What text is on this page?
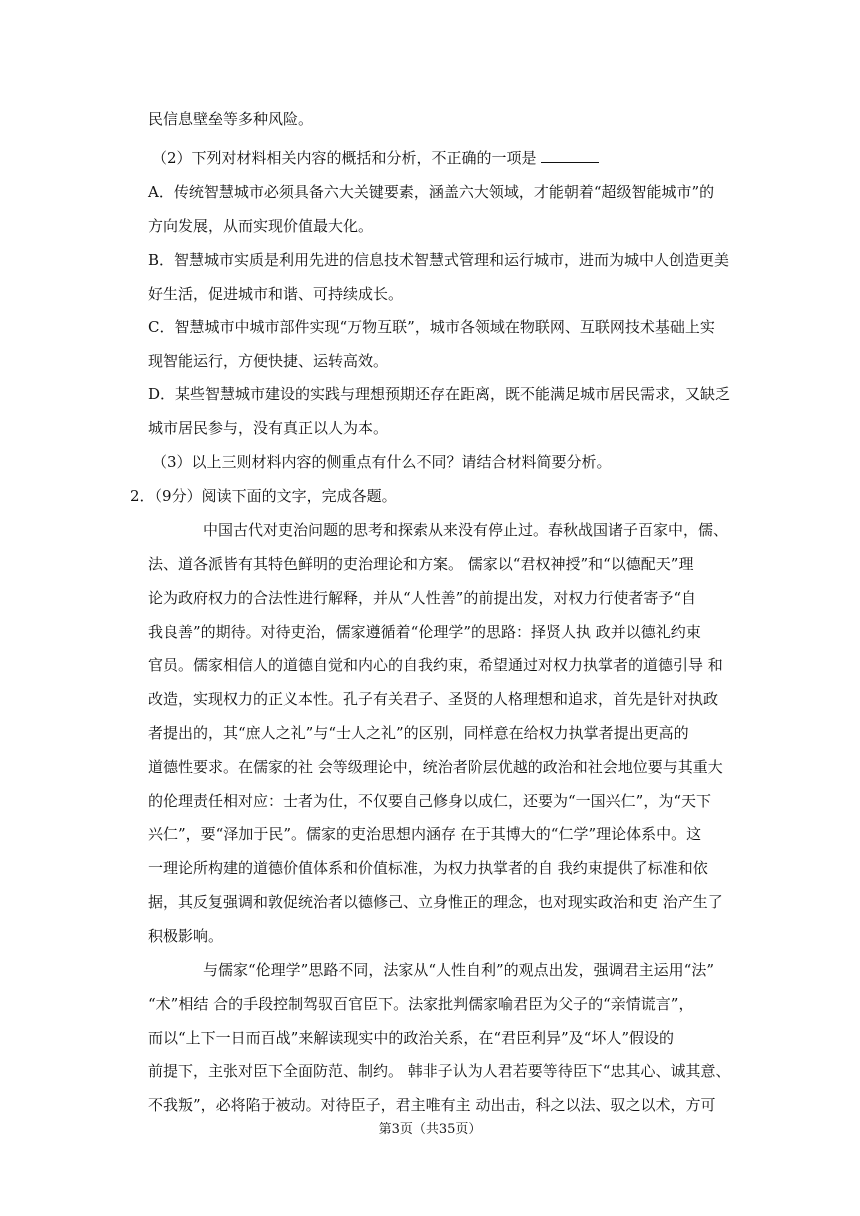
民信息壁垒等多种风险。
（2）下列对材料相关内容的概括和分析，不正确的一项是
A．传统智慧城市必须具备六大关键要素，涵盖六大领域，才能朝着“超级智能城市”的
方向发展，从而实现价值最大化。
B．智慧城市实质是利用先进的信息技术智慧式管理和运行城市，进而为城中人创造更美
好生活，促进城市和谐、可持续成长。
C．智慧城市中城市部件实现“万物互联”，城市各领域在物联网、互联网技术基础上实
现智能运行，方便快捷、运转高效。
D．某些智慧城市建设的实践与理想预期还存在距离，既不能满足城市居民需求，又缺乏
城市居民参与，没有真正以人为本。
（3）以上三则材料内容的侧重点有什么不同？请结合材料简要分析。
2．（9分）阅读下面的文字，完成各题。
中国古代对吏治问题的思考和探索从来没有停止过。春秋战国诸子百家中，儒、
法、道各派皆有其特色鲜明的吏治理论和方案。 儒家以“君权神授”和“以德配天”理
论为政府权力的合法性进行解释，并从“人性善”的前提出发，对权力行使者寄予“自
我良善”的期待。对待吏治，儒家遵循着“伦理学”的思路：择贤人执 政并以德礼约束
官员。儒家相信人的道德自觉和内心的自我约束，希望通过对权力执掌者的道德引导 和
改造，实现权力的正义本性。孔子有关君子、圣贤的人格理想和追求，首先是针对执政
者提出的，其“庶人之礼”与“士人之礼”的区别，同样意在给权力执掌者提出更高的
道德性要求。在儒家的社 会等级理论中，统治者阶层优越的政治和社会地位要与其重大
的伦理责任相对应：士者为仕，不仅要自己修身以成仁，还要为“一国兴仁”，为“天下
兴仁”，要“泽加于民”。儒家的吏治思想内涵存 在于其博大的“仁学”理论体系中。这
一理论所构建的道德价值体系和价值标准，为权力执掌者的自 我约束提供了标准和依
据，其反复强调和敦促统治者以德修己、立身惟正的理念，也对现实政治和吏 治产生了
积极影响。
与儒家“伦理学”思路不同，法家从“人性自利”的观点出发，强调君主运用“法”
“术”相结 合的手段控制驾驭百官臣下。法家批判儒家喻君臣为父子的“亲情谎言”，
而以“上下一日而百战”来解读现实中的政治关系，在“君臣利异”及“坏人”假设的
前提下，主张对臣下全面防范、制约。 韩非子认为人君若要等待臣下“忠其心、诚其意、
不我叛”，必将陷于被动。对待臣子，君主唯有主 动出击，科之以法、驭之以术，方可
第3页（共35页）
